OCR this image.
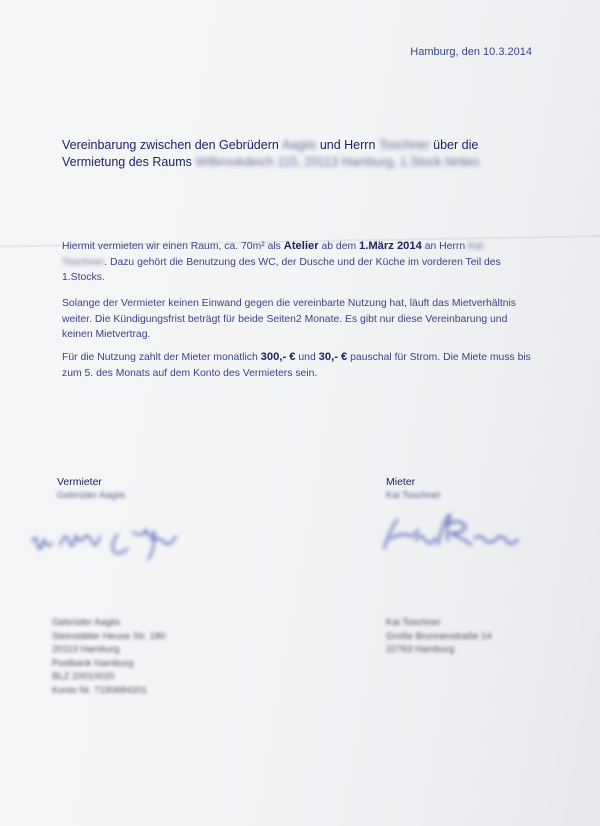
Hamburg, den 10.3.2014
Vereinbarung zwischen den Gebrüdern Aagiis und Herrn Toschner über die
Vermietung des Raums Wilbrookdeich 115, 20113 Hamburg, 1.Stock hinten
Hiermit vermieten wir einen Raum, ca. 70m² als Atelier ab dem 1.März 2014 an Herrn Kai
Toschner. Dazu gehört die Benutzung des WC, der Dusche und der Küche im vorderen Teil des 1.Stocks.
Solange der Vermieter keinen Einwand gegen die vereinbarte Nutzung hat, läuft das Mietverhältnis weiter. Die Kündigungsfrist beträgt für beide Seiten2 Monate. Es gibt nur diese Vereinbarung und keinen Mietvertrag.
Für die Nutzung zahlt der Mieter monatlich 300,- € und 30,- € pauschal für Strom. Die Miete muss bis zum 5. des Monats auf dem Konto des Vermieters sein.
Vermieter
Gebrüder Aagiis
Mieter
Kai Toschner
Gebrüder Aagiis
Steinstätter Heuse Str. 180
20113 Hamburg
Postbank Hamburg
BLZ 20010020
Konto Nr. 7190684201
Kai Toschner
Große Brunnenstraße 14
22763 Hamburg
